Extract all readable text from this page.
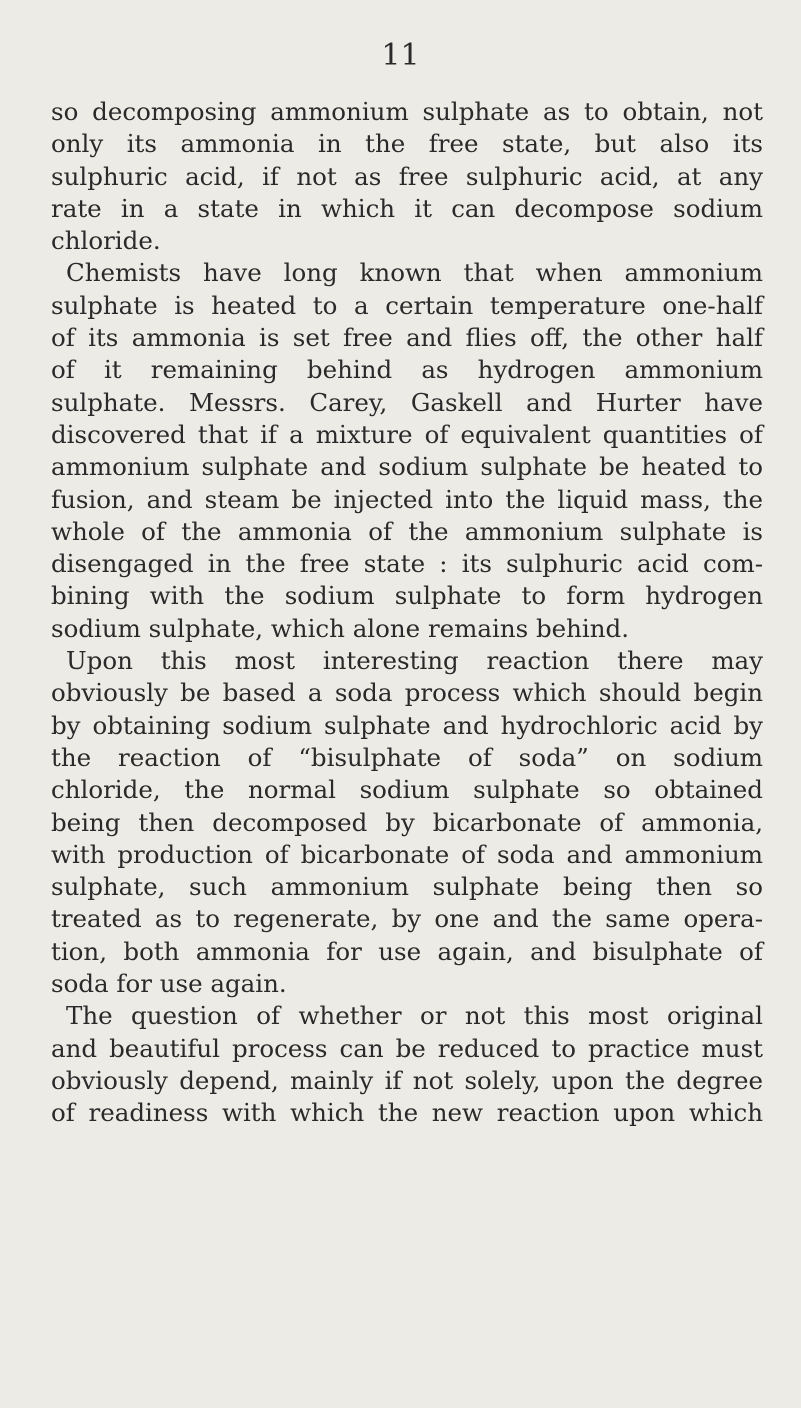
11
so decomposing ammonium sulphate as to obtain, not
only its ammonia in the free state, but also its
sulphuric acid, if not as free sulphuric acid, at any
rate in a state in which it can decompose sodium
chloride.
Chemists have long known that when ammonium
sulphate is heated to a certain temperature one-half
of its ammonia is set free and flies off, the other half
of it remaining behind as hydrogen ammonium
sulphate. Messrs. Carey, Gaskell and Hurter have
discovered that if a mixture of equivalent quantities of
ammonium sulphate and sodium sulphate be heated to
fusion, and steam be injected into the liquid mass, the
whole of the ammonia of the ammonium sulphate is
disengaged in the free state : its sulphuric acid com-
bining with the sodium sulphate to form hydrogen
sodium sulphate, which alone remains behind.
Upon this most interesting reaction there may
obviously be based a soda process which should begin
by obtaining sodium sulphate and hydrochloric acid by
the reaction of “bisulphate of soda” on sodium
chloride, the normal sodium sulphate so obtained
being then decomposed by bicarbonate of ammonia,
with production of bicarbonate of soda and ammonium
sulphate, such ammonium sulphate being then so
treated as to regenerate, by one and the same opera-
tion, both ammonia for use again, and bisulphate of
soda for use again.
The question of whether or not this most original
and beautiful process can be reduced to practice must
obviously depend, mainly if not solely, upon the degree
of readiness with which the new reaction upon which
